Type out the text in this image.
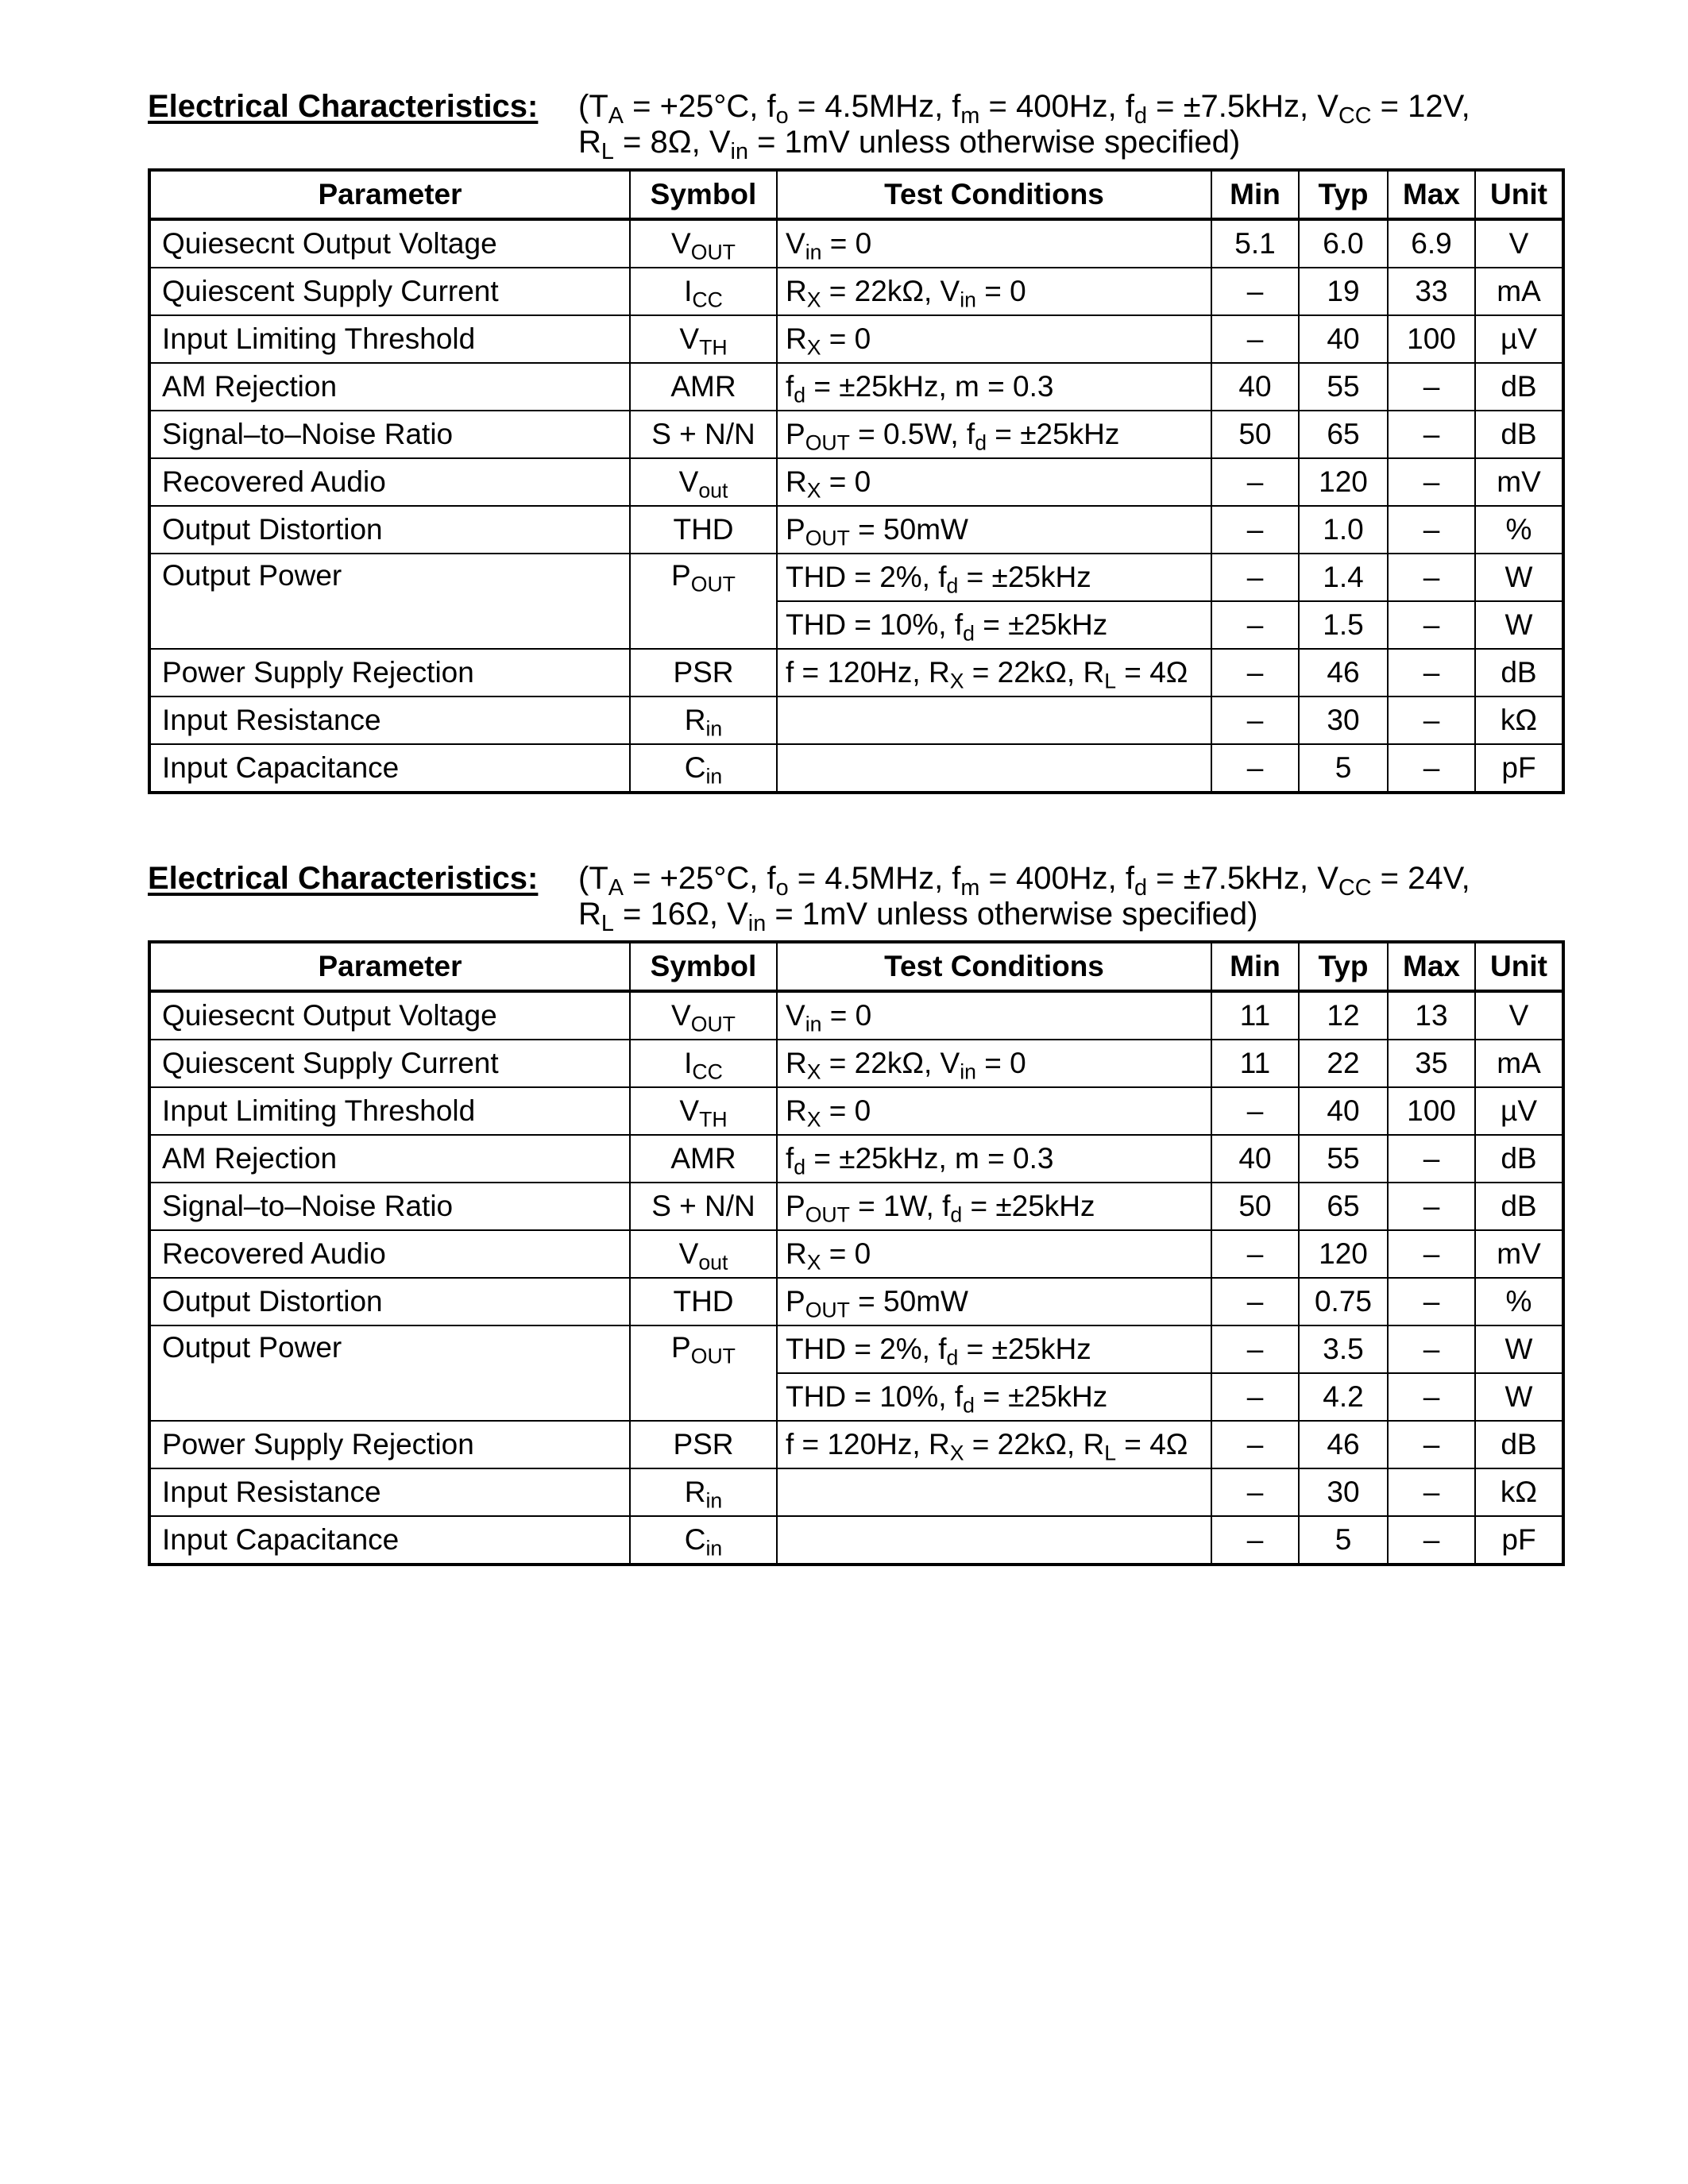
Electrical Characteristics: ($T_A = +25^\circ C$, $f_o = 4.5MHz$, $f_m = 400Hz$, $f_d = \pm 7.5kHz$, $V_{CC} = 12V$,
$R_L = 8\Omega$, $V_{in} = 1mV$ unless otherwise specified)
Parameter	Symbol	Test Conditions	Min	Typ	Max	Unit
Quiesecnt Output Voltage	$V_{OUT}$	$V_{in} = 0$	5.1	6.0	6.9	V
Quiescent Supply Current	$I_{CC}$	$R_X = 22k\Omega$, $V_{in} = 0$	–	19	33	mA
Input Limiting Threshold	$V_{TH}$	$R_X = 0$	–	40	100	µV
AM Rejection	AMR	$f_d = \pm 25kHz$, m = 0.3	40	55	–	dB
Signal–to–Noise Ratio	S + N/N	$P_{OUT} = 0.5W$, $f_d = \pm 25kHz$	50	65	–	dB
Recovered Audio	$V_{out}$	$R_X = 0$	–	120	–	mV
Output Distortion	THD	$P_{OUT} = 50mW$	–	1.0	–	%
Output Power	$P_{OUT}$	THD = 2%, $f_d = \pm 25kHz$	–	1.4	–	W
		THD = 10%, $f_d = \pm 25kHz$	–	1.5	–	W
Power Supply Rejection	PSR	f = 120Hz, $R_X = 22k\Omega$, $R_L = 4\Omega$	–	46	–	dB
Input Resistance	$R_{in}$		–	30	–	kΩ
Input Capacitance	$C_{in}$		–	5	–	pF
Electrical Characteristics: ($T_A = +25^\circ C$, $f_o = 4.5MHz$, $f_m = 400Hz$, $f_d = \pm 7.5kHz$, $V_{CC} = 24V$,
$R_L = 16\Omega$, $V_{in} = 1mV$ unless otherwise specified)
Parameter	Symbol	Test Conditions	Min	Typ	Max	Unit
Quiesecnt Output Voltage	$V_{OUT}$	$V_{in} = 0$	11	12	13	V
Quiescent Supply Current	$I_{CC}$	$R_X = 22k\Omega$, $V_{in} = 0$	11	22	35	mA
Input Limiting Threshold	$V_{TH}$	$R_X = 0$	–	40	100	µV
AM Rejection	AMR	$f_d = \pm 25kHz$, m = 0.3	40	55	–	dB
Signal–to–Noise Ratio	S + N/N	$P_{OUT} = 1W$, $f_d = \pm 25kHz$	50	65	–	dB
Recovered Audio	$V_{out}$	$R_X = 0$	–	120	–	mV
Output Distortion	THD	$P_{OUT} = 50mW$	–	0.75	–	%
Output Power	$P_{OUT}$	THD = 2%, $f_d = \pm 25kHz$	–	3.5	–	W
		THD = 10%, $f_d = \pm 25kHz$	–	4.2	–	W
Power Supply Rejection	PSR	f = 120Hz, $R_X = 22k\Omega$, $R_L = 4\Omega$	–	46	–	dB
Input Resistance	$R_{in}$		–	30	–	kΩ
Input Capacitance	$C_{in}$		–	5	–	pF
